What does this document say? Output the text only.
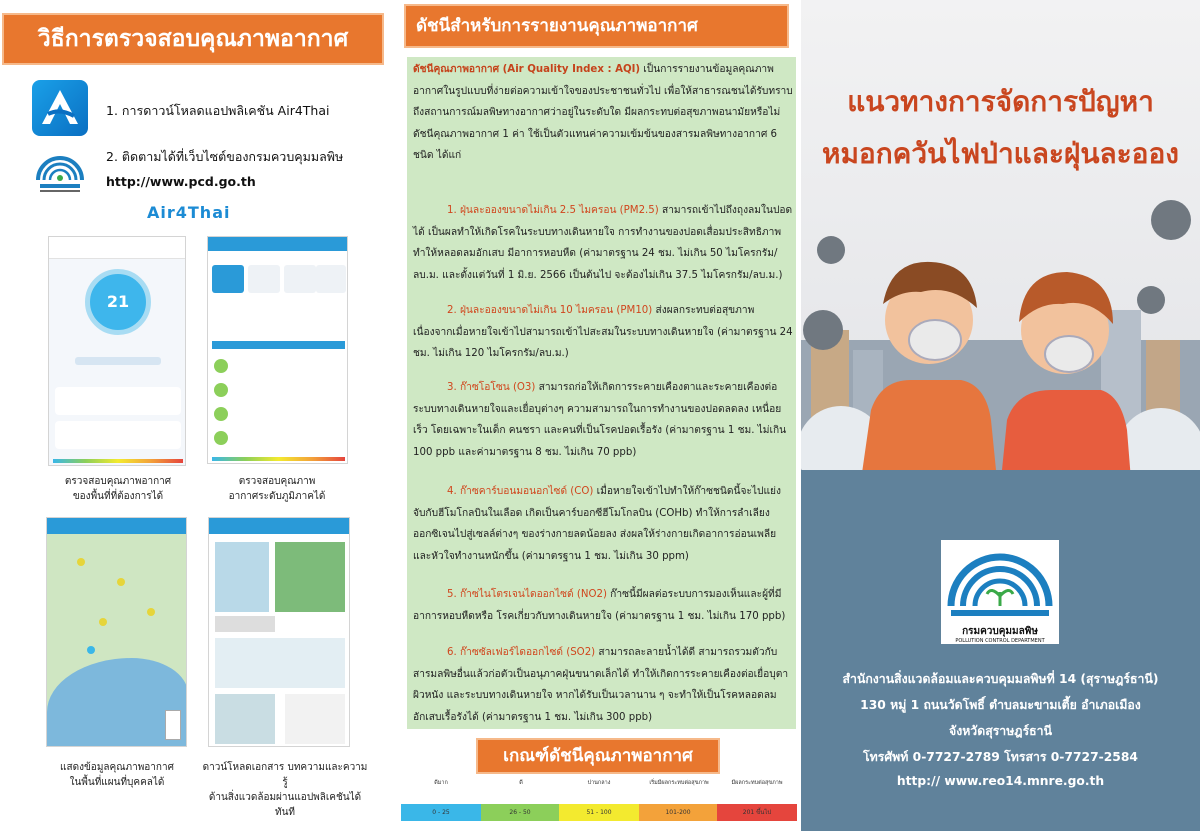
วิธีการตรวจสอบคุณภาพอากาศ
1. การดาวน์โหลดแอปพลิเคชัน Air4Thai
2. ติดตามได้ที่เว็บไซต์ของกรมควบคุมมลพิษ
http://www.pcd.go.th
Air4Thai
21
ตรวจสอบคุณภาพอากาศ
ของพื้นที่ที่ต้องการได้
ตรวจสอบคุณภาพ
อากาศระดับภูมิภาคได้
แสดงข้อมูลคุณภาพอากาศ
ในพื้นที่แผนที่บุคคลได้
ดาวน์โหลดเอกสาร บทความและความรู้
ด้านสิ่งแวดล้อมผ่านแอปพลิเคชันได้ทันที
ดัชนีสำหรับการรายงานคุณภาพอากาศ
ดัชนีคุณภาพอากาศ (Air Quality Index : AQI) เป็นการรายงานข้อมูลคุณภาพอากาศในรูปแบบที่ง่ายต่อความเข้าใจของประชาชนทั่วไป เพื่อให้สาธารณชนได้รับทราบถึงสถานการณ์มลพิษทางอากาศว่าอยู่ในระดับใด มีผลกระทบต่อสุขภาพอนามัยหรือไม่ ดัชนีคุณภาพอากาศ 1 ค่า ใช้เป็นตัวแทนค่าความเข้มข้นของสารมลพิษทางอากาศ 6 ชนิด ได้แก่
1. ฝุ่นละอองขนาดไม่เกิน 2.5 ไมครอน (PM2.5) สามารถเข้าไปถึงถุงลมในปอดได้ เป็นผลทำให้เกิดโรคในระบบทางเดินหายใจ การทำงานของปอดเสื่อมประสิทธิภาพทำให้หลอดลมอักเสบ มีอาการหอบหืด (ค่ามาตรฐาน 24 ชม. ไม่เกิน 50 ไมโครกรัม/ลบ.ม. และตั้งแต่วันที่ 1 มิ.ย. 2566 เป็นต้นไป จะต้องไม่เกิน 37.5 ไมโครกรัม/ลบ.ม.)
2. ฝุ่นละอองขนาดไม่เกิน 10 ไมครอน (PM10) ส่งผลกระทบต่อสุขภาพเนื่องจากเมื่อหายใจเข้าไปสามารถเข้าไปสะสมในระบบทางเดินหายใจ (ค่ามาตรฐาน 24 ชม. ไม่เกิน 120 ไมโครกรัม/ลบ.ม.)
3. ก๊าซโอโซน (O3) สามารถก่อให้เกิดการระคายเคืองตาและระคายเคืองต่อระบบทางเดินหายใจและเยื่อบุต่างๆ ความสามารถในการทำงานของปอดลดลง เหนื่อยเร็ว โดยเฉพาะในเด็ก คนชรา และคนที่เป็นโรคปอดเรื้อรัง (ค่ามาตรฐาน 1 ชม. ไม่เกิน 100 ppb และค่ามาตรฐาน 8 ชม. ไม่เกิน 70 ppb)
4. ก๊าซคาร์บอนมอนอกไซด์ (CO) เมื่อหายใจเข้าไปทำให้ก๊าซชนิดนี้จะไปแย่งจับกับฮีโมโกลบินในเลือด เกิดเป็นคาร์บอกซีฮีโมโกลบิน (COHb) ทำให้การลำเลียงออกซิเจนไปสู่เซลล์ต่างๆ ของร่างกายลดน้อยลง ส่งผลให้ร่างกายเกิดอาการอ่อนเพลีย และหัวใจทำงานหนักขึ้น (ค่ามาตรฐาน 1 ชม. ไม่เกิน 30 ppm)
5. ก๊าซไนโตรเจนไดออกไซด์ (NO2) ก๊าซนี้มีผลต่อระบบการมองเห็นและผู้ที่มีอาการหอบหืดหรือ โรคเกี่ยวกับทางเดินหายใจ (ค่ามาตรฐาน 1 ชม. ไม่เกิน 170 ppb)
6. ก๊าซซัลเฟอร์ไดออกไซด์ (SO2) สามารถละลายน้ำได้ดี สามารถรวมตัวกับสารมลพิษอื่นแล้วก่อตัวเป็นอนุภาคฝุ่นขนาดเล็กได้ ทำให้เกิดการระคายเคืองต่อเยื่อบุตา ผิวหนัง และระบบทางเดินหายใจ หากได้รับเป็นเวลานาน ๆ จะทำให้เป็นโรคหลอดลมอักเสบเรื้อรังได้ (ค่ามาตรฐาน 1 ชม. ไม่เกิน 300 ppb)
เกณฑ์ดัชนีคุณภาพอากาศ
ดีมาก	ดี	ปานกลาง	เริ่มมีผลกระทบต่อสุขภาพ	มีผลกระทบต่อสุขภาพ
0 - 25	26 - 50	51 - 100	101-200	201 ขึ้นไป
แนวทางการจัดการปัญหา
หมอกควันไฟป่าและฝุ่นละออง
กรมควบคุมมลพิษ
POLLUTION CONTROL DEPARTMENT
สำนักงานสิ่งแวดล้อมและควบคุมมลพิษที่ 14 (สุราษฎร์ธานี)
130 หมู่ 1 ถนนวัดโพธิ์ ตำบลมะขามเตี้ย อำเภอเมือง
จังหวัดสุราษฎร์ธานี
โทรศัพท์ 0-7727-2789 โทรสาร 0-7727-2584
http:// www.reo14.mnre.go.th
